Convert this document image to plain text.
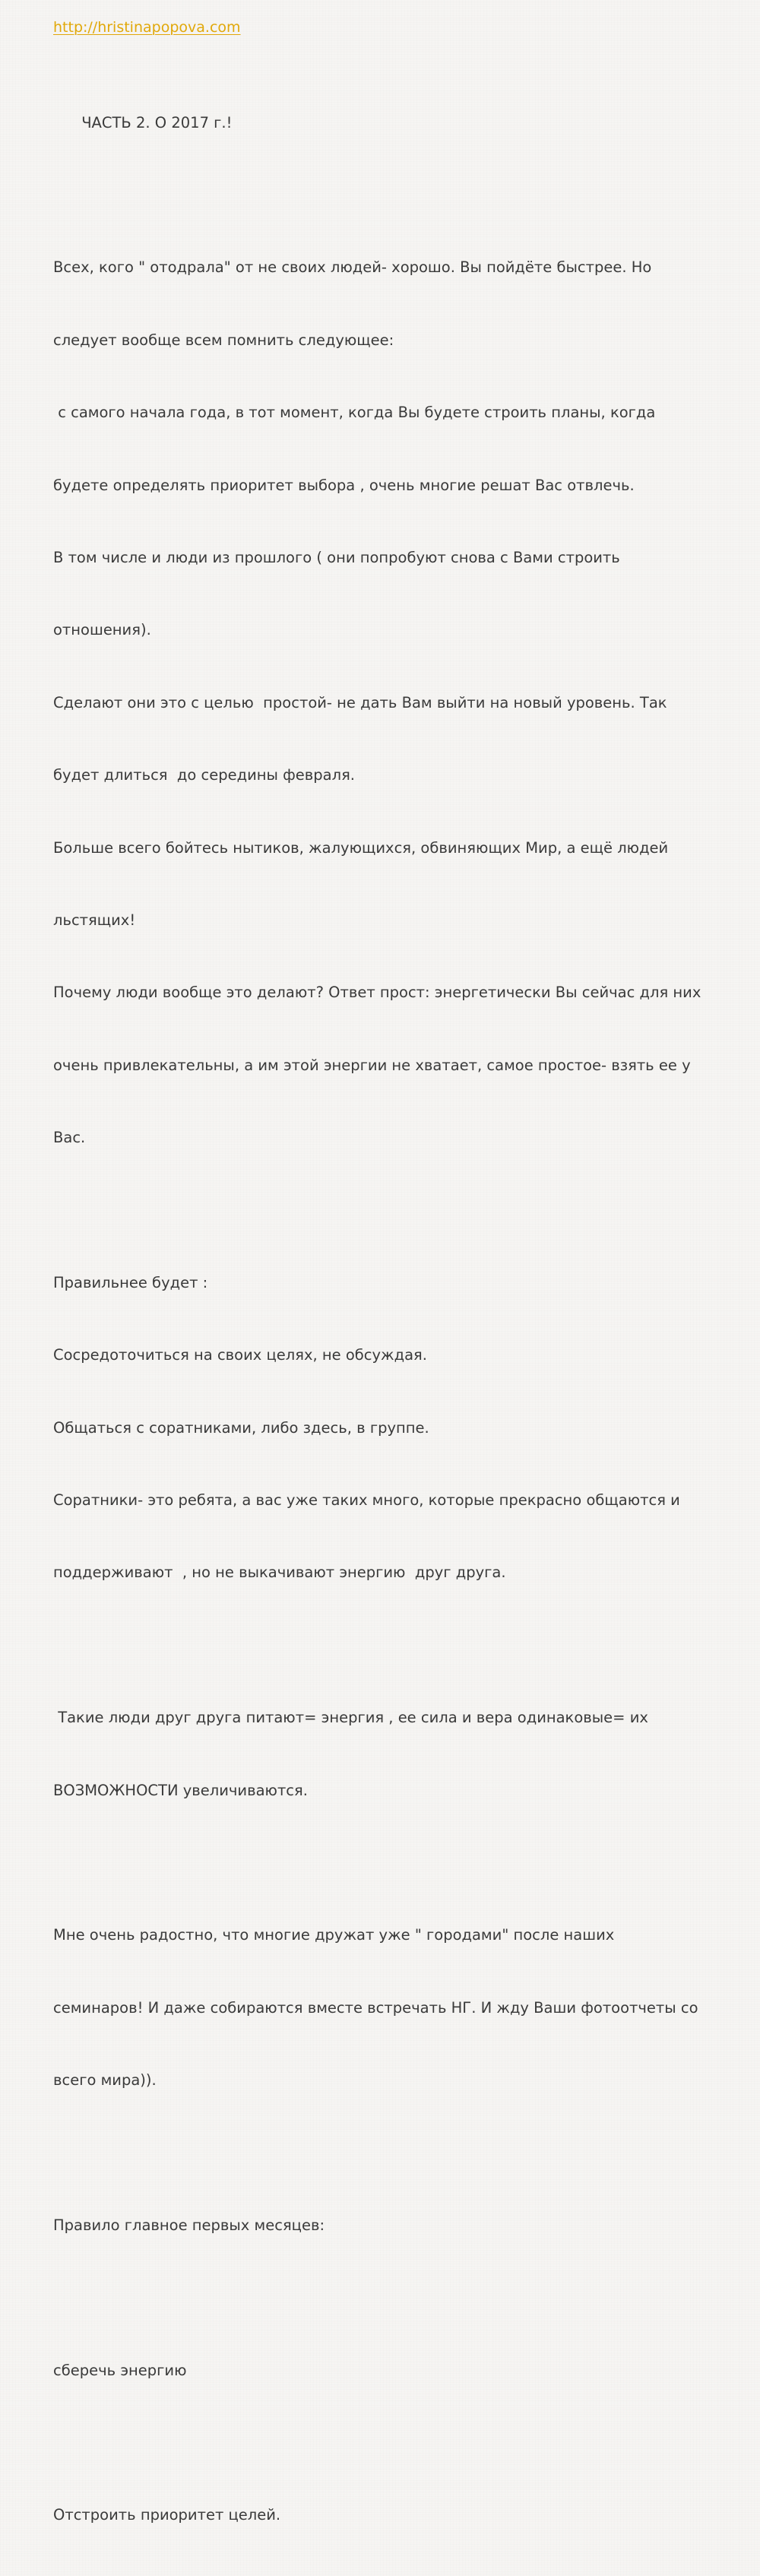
http://hristinapopova.com

ЧАСТЬ 2. О 2017 г.!

Всех, кого " отодрала" от не своих людей- хорошо. Вы пойдёте быстрее. Но

следует вообще всем помнить следующее:

с самого начала года, в тот момент, когда Вы будете строить планы, когда

будете определять приоритет выбора , очень многие решат Вас отвлечь.

В том числе и люди из прошлого ( они попробуют снова с Вами строить

отношения).

Сделают они это с целью  простой- не дать Вам выйти на новый уровень. Так

будет длиться  до середины февраля.

Больше всего бойтесь нытиков, жалующихся, обвиняющих Мир, а ещё людей

льстящих!

Почему люди вообще это делают? Ответ прост: энергетически Вы сейчас для них

очень привлекательны, а им этой энергии не хватает, самое простое- взять ее у

Вас.

Правильнее будет :

Сосредоточиться на своих целях, не обсуждая.

Общаться с соратниками, либо здесь, в группе.

Соратники- это ребята, а вас уже таких много, которые прекрасно общаются и

поддерживают  , но не выкачивают энергию  друг друга.

Такие люди друг друга питают= энергия , ее сила и вера одинаковые= их

ВОЗМОЖНОСТИ увеличиваются.

Мне очень радостно, что многие дружат уже " городами" после наших

семинаров! И даже собираются вместе встречать НГ. И жду Ваши фотоотчеты со

всего мира)).

Правило главное первых месяцев:

сберечь энергию

Отстроить приоритет целей.
